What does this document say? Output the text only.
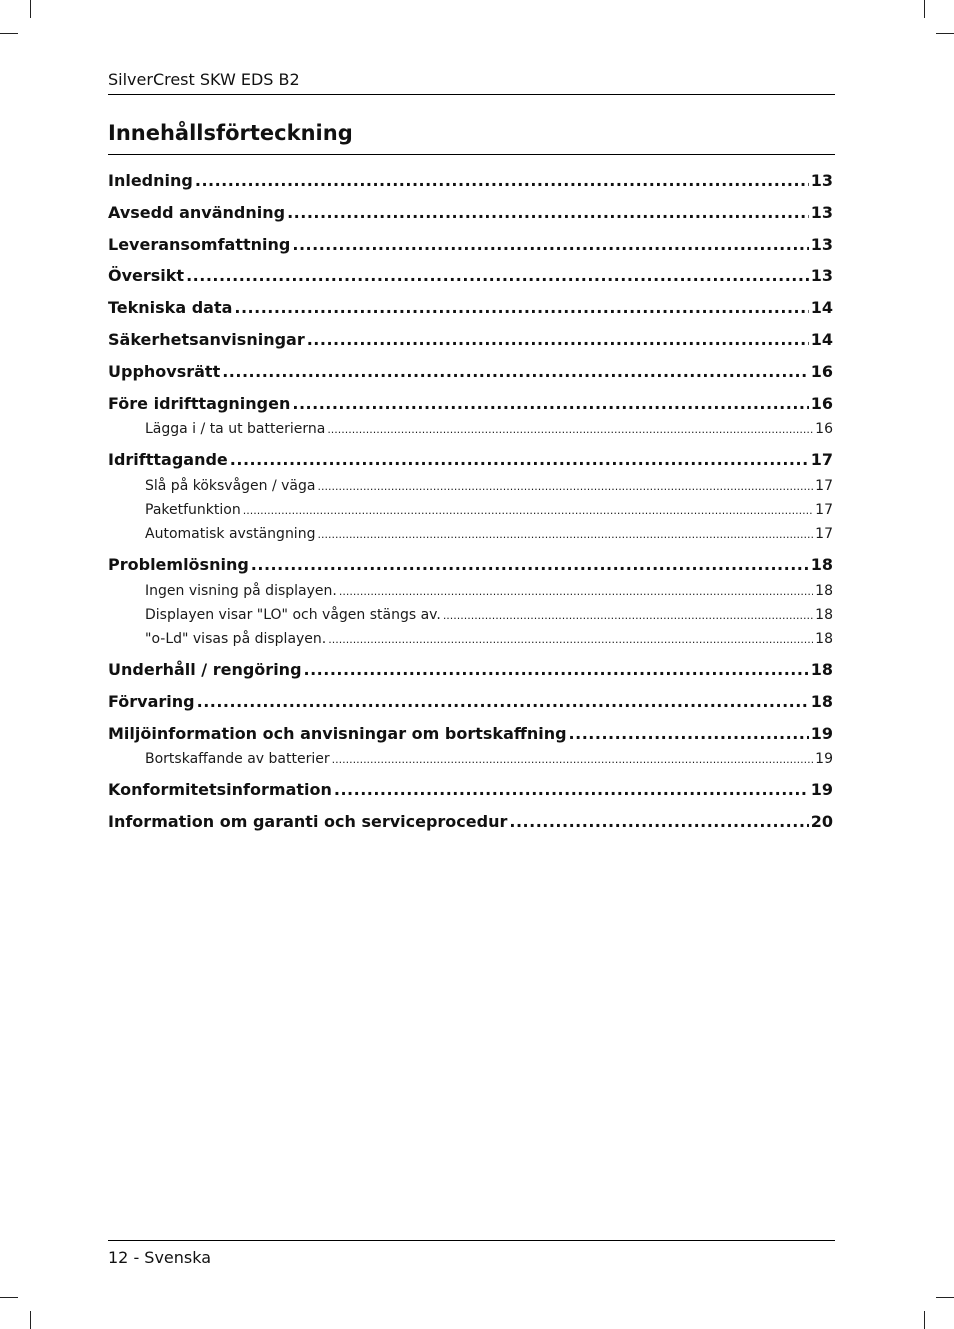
SilverCrest SKW EDS B2
Innehållsförteckning
Inledning .....	13
Avsedd användning .....	13
Leveransomfattning .....	13
Översikt .....	13
Tekniska data .....	14
Säkerhetsanvisningar .....	14
Upphovsrätt .....	16
Före idrifttagningen .....	16
Lägga i / ta ut batterierna .....	16
Idrifttagande .....	17
Slå på köksvågen / väga .....	17
Paketfunktion .....	17
Automatisk avstängning .....	17
Problemlösning .....	18
Ingen visning på displayen. .....	18
Displayen visar "LO" och vågen stängs av. .....	18
"o-Ld" visas på displayen. .....	18
Underhåll / rengöring .....	18
Förvaring .....	18
Miljöinformation och anvisningar om bortskaffning .....	19
Bortskaffande av batterier .....	19
Konformitetsinformation .....	19
Information om garanti och serviceprocedur .....	20
12 - Svenska
